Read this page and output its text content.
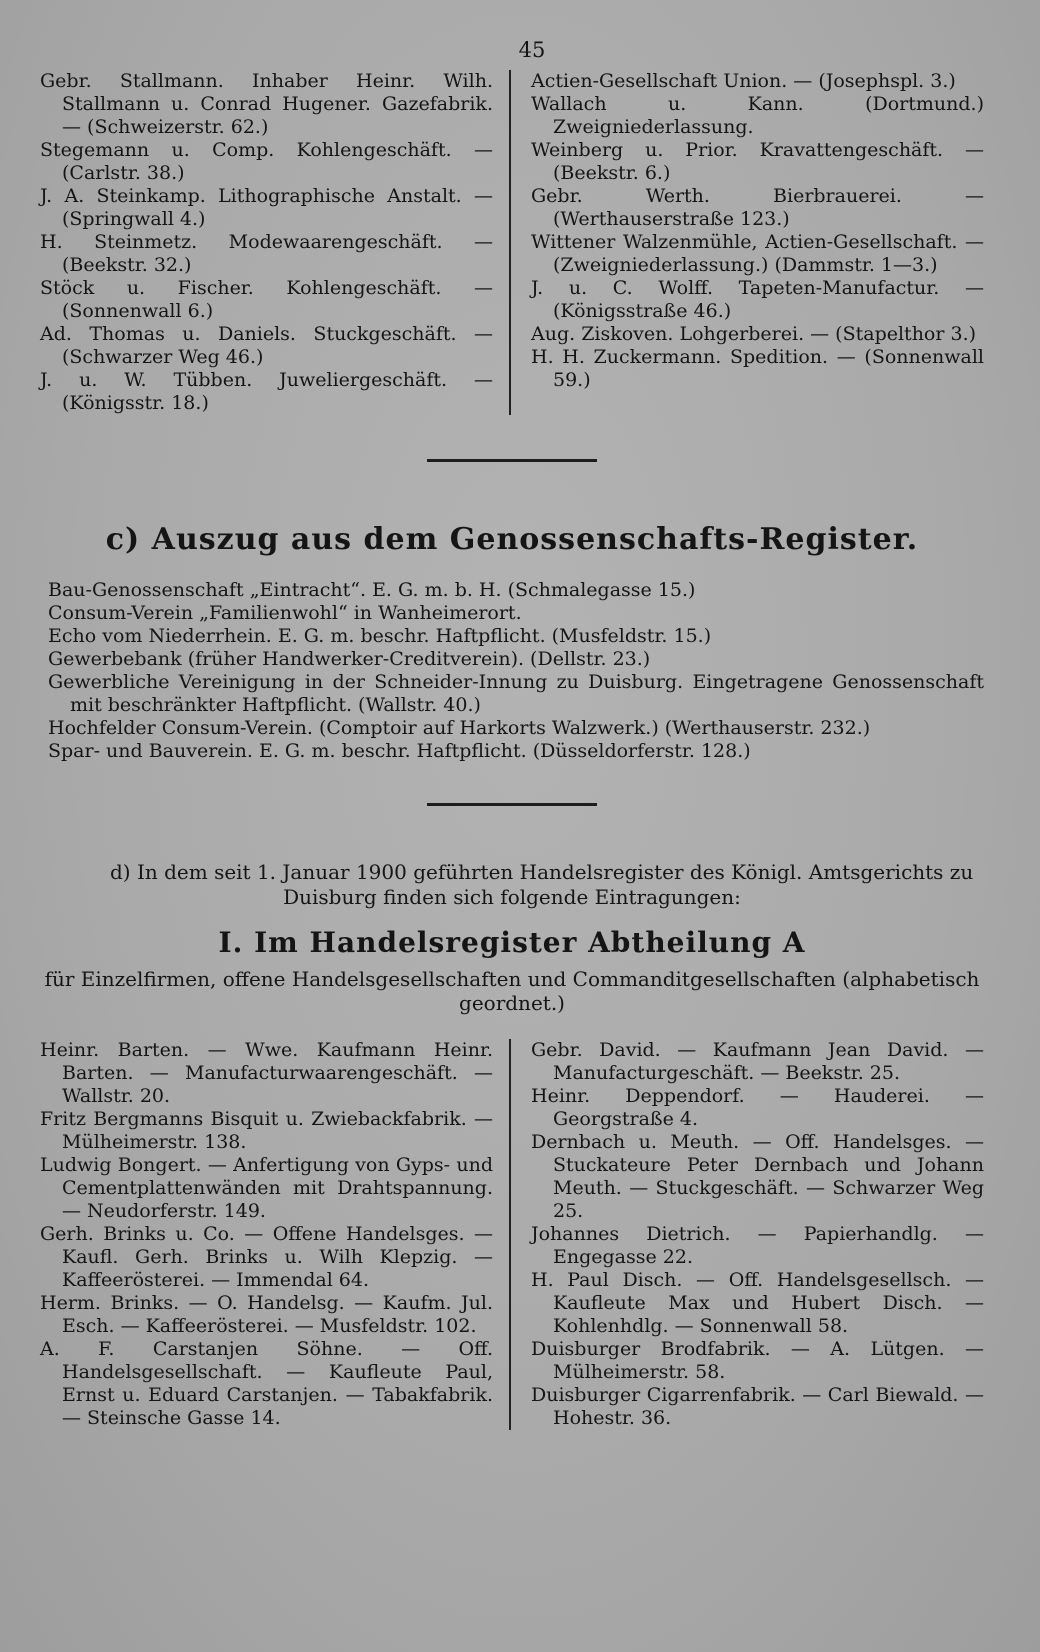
45

Gebr. Stallmann. Inhaber Heinr. Wilh. Stallmann u. Conrad Hugener. Gazefabrik. — (Schweizerstr. 62.)

Stegemann u. Comp. Kohlengeschäft. — (Carlstr. 38.)

J. A. Steinkamp. Lithographische Anstalt. — (Springwall 4.)

H. Steinmetz. Modewaarengeschäft. — (Beekstr. 32.)

Stöck u. Fischer. Kohlengeschäft. — (Sonnenwall 6.)

Ad. Thomas u. Daniels. Stuckgeschäft. — (Schwarzer Weg 46.)

J. u. W. Tübben. Juweliergeschäft. — (Königsstr. 18.)

Actien-Gesellschaft Union. — (Josephspl. 3.)

Wallach u. Kann. (Dortmund.) Zweigniederlassung.

Weinberg u. Prior. Kravattengeschäft. — (Beekstr. 6.)

Gebr. Werth. Bierbrauerei. — (Werthauserstraße 123.)

Wittener Walzenmühle, Actien-Gesellschaft. — (Zweigniederlassung.) (Dammstr. 1—3.)

J. u. C. Wolff. Tapeten-Manufactur. — (Königsstraße 46.)

Aug. Ziskoven. Lohgerberei. — (Stapelthor 3.)

H. H. Zuckermann. Spedition. — (Sonnenwall 59.)

c) Auszug aus dem Genossenschafts-Register.

Bau-Genossenschaft „Eintracht“. E. G. m. b. H. (Schmalegasse 15.)

Consum-Verein „Familienwohl“ in Wanheimerort.

Echo vom Niederrhein. E. G. m. beschr. Haftpflicht. (Musfeldstr. 15.)

Gewerbebank (früher Handwerker-Creditverein). (Dellstr. 23.)

Gewerbliche Vereinigung in der Schneider-Innung zu Duisburg. Eingetragene Genossenschaft mit beschränkter Haftpflicht. (Wallstr. 40.)

Hochfelder Consum-Verein. (Comptoir auf Harkorts Walzwerk.) (Werthauserstr. 232.)

Spar- und Bauverein. E. G. m. beschr. Haftpflicht. (Düsseldorferstr. 128.)

d) In dem seit 1. Januar 1900 geführten Handelsregister des Königl. Amtsgerichts zu
Duisburg finden sich folgende Eintragungen:

I. Im Handelsregister Abtheilung A

für Einzelfirmen, offene Handelsgesellschaften und Commanditgesellschaften (alphabetisch geordnet.)

Heinr. Barten. — Wwe. Kaufmann Heinr. Barten. — Manufacturwaarengeschäft. — Wallstr. 20.

Fritz Bergmanns Bisquit u. Zwiebackfabrik. — Mülheimerstr. 138.

Ludwig Bongert. — Anfertigung von Gyps- und Cementplattenwänden mit Drahtspannung. — Neudorferstr. 149.

Gerh. Brinks u. Co. — Offene Handelsges. — Kaufl. Gerh. Brinks u. Wilh Klepzig. — Kaffeerösterei. — Immendal 64.

Herm. Brinks. — O. Handelsg. — Kaufm. Jul. Esch. — Kaffeerösterei. — Musfeldstr. 102.

A. F. Carstanjen Söhne. — Off. Handelsgesellschaft. — Kaufleute Paul, Ernst u. Eduard Carstanjen. — Tabakfabrik. — Steinsche Gasse 14.

Gebr. David. — Kaufmann Jean David. — Manufacturgeschäft. — Beekstr. 25.

Heinr. Deppendorf. — Hauderei. — Georgstraße 4.

Dernbach u. Meuth. — Off. Handelsges. — Stuckateure Peter Dernbach und Johann Meuth. — Stuckgeschäft. — Schwarzer Weg 25.

Johannes Dietrich. — Papierhandlg. — Engegasse 22.

H. Paul Disch. — Off. Handelsgesellsch. — Kaufleute Max und Hubert Disch. — Kohlenhdlg. — Sonnenwall 58.

Duisburger Brodfabrik. — A. Lütgen. — Mülheimerstr. 58.

Duisburger Cigarrenfabrik. — Carl Biewald. — Hohestr. 36.
